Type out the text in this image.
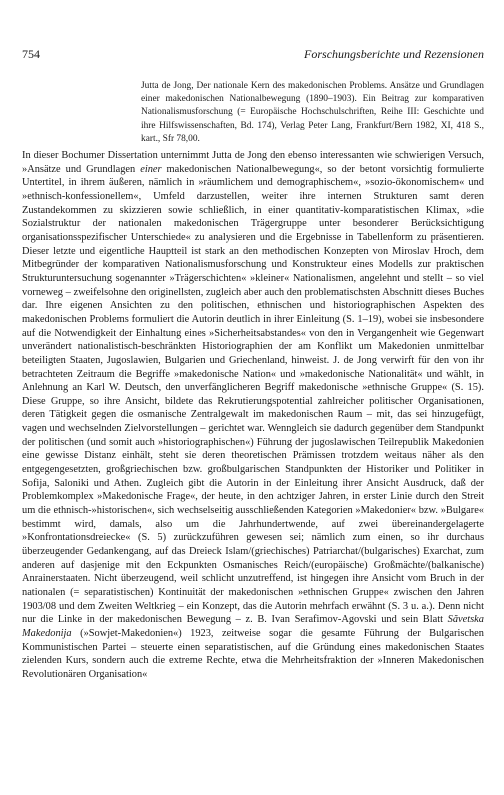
754	Forschungsberichte und Rezensionen
Jutta de Jong, Der nationale Kern des makedonischen Problems. Ansätze und Grundlagen einer makedonischen Nationalbewegung (1890–1903). Ein Beitrag zur komparativen Nationalismusforschung (= Europäische Hochschulschriften, Reihe III: Geschichte und ihre Hilfswissenschaften, Bd. 174), Verlag Peter Lang, Frankfurt/Bern 1982, XI, 418 S., kart., Sfr 78,00.

In dieser Bochumer Dissertation unternimmt Jutta de Jong den ebenso interessanten wie schwierigen Versuch, »Ansätze und Grundlagen einer makedonischen Nationalbewegung«, so der betont vorsichtig formulierte Untertitel, in ihrem äußeren, nämlich in »räumlichem und demographischem«, »sozio-ökonomischem« und »ethnisch-konfessionellem«, Umfeld darzustellen, weiter ihre internen Strukturen samt deren Zustandekommen zu skizzieren sowie schließlich, in einer quantitativ-komparatistischen Klimax, »die Sozialstruktur der nationalen makedonischen Trägergruppe unter besonderer Berücksichtigung organisationsspezifischer Unterschiede« zu analysieren und die Ergebnisse in Tabellenform zu präsentieren. Dieser letzte und eigentliche Hauptteil ist stark an den methodischen Konzepten von Miroslav Hroch, dem Mitbegründer der komparativen Nationalismusforschung und Konstrukteur eines Modells zur praktischen Strukturuntersuchung sogenannter »Trägerschichten« »kleiner« Nationalismen, angelehnt und stellt – so viel vorneweg – zweifelsohne den originellsten, zugleich aber auch den problematischsten Abschnitt dieses Buches dar. Ihre eigenen Ansichten zu den politischen, ethnischen und historiographischen Aspekten des makedonischen Problems formuliert die Autorin deutlich in ihrer Einleitung (S. 1–19), wobei sie insbesondere auf die Notwendigkeit der Einhaltung eines »Sicherheitsabstandes« von den in Vergangenheit wie Gegenwart unverändert nationalistisch-beschränkten Historiographien der am Konflikt um Makedonien unmittelbar beteiligten Staaten, Jugoslawien, Bulgarien und Griechenland, hinweist. J. de Jong verwirft für den von ihr betrachteten Zeitraum die Begriffe »makedonische Nation« und »makedonische Nationalität« und wählt, in Anlehnung an Karl W. Deutsch, den unverfänglicheren Begriff makedonische »ethnische Gruppe« (S. 15). Diese Gruppe, so ihre Ansicht, bildete das Rekrutierungspotential zahlreicher politischer Organisationen, deren Tätigkeit gegen die osmanische Zentralgewalt im makedonischen Raum – mit, das sei hinzugefügt, vagen und wechselnden Zielvorstellungen – gerichtet war. Wenngleich sie dadurch gegenüber dem Standpunkt der politischen (und somit auch »historiographischen«) Führung der jugoslawischen Teilrepublik Makedonien eine gewisse Distanz einhält, steht sie deren theoretischen Prämissen trotzdem weitaus näher als den entgegengesetzten, großgriechischen bzw. großbulgarischen Standpunkten der Historiker und Politiker in Sofija, Saloniki und Athen. Zugleich gibt die Autorin in der Einleitung ihrer Ansicht Ausdruck, daß der Problemkomplex »Makedonische Frage«, der heute, in den achtziger Jahren, in erster Linie durch den Streit um die ethnisch-»historischen«, sich wechselseitig ausschließenden Kategorien »Makedonier« bzw. »Bulgare« bestimmt wird, damals, also um die Jahrhundertwende, auf zwei übereinandergelagerte »Konfrontationsdreiecke« (S. 5) zurückzuführen gewesen sei; nämlich zum einen, so ihr durchaus überzeugender Gedankengang, auf das Dreieck Islam/(griechisches) Patriarchat/(bulgarisches) Exarchat, zum anderen auf dasjenige mit den Eckpunkten Osmanisches Reich/(europäische) Großmächte/(balkanische) Anrainerstaaten. Nicht überzeugend, weil schlicht unzutreffend, ist hingegen ihre Ansicht vom Bruch in der nationalen (= separatistischen) Kontinuität der makedonischen »ethnischen Gruppe« zwischen den Jahren 1903/08 und dem Zweiten Weltkrieg – ein Konzept, das die Autorin mehrfach erwähnt (S. 3 u. a.). Denn nicht nur die Linke in der makedonischen Bewegung – z. B. Ivan Serafimov-Agovski und sein Blatt Săvetska Makedonija (»Sowjet-Makedonien«) 1923, zeitweise sogar die gesamte Führung der Bulgarischen Kommunistischen Partei – steuerte einen separatistischen, auf die Gründung eines makedonischen Staates zielenden Kurs, sondern auch die extreme Rechte, etwa die Mehrheitsfraktion der »Inneren Makedonischen Revolutionären Organisation«
